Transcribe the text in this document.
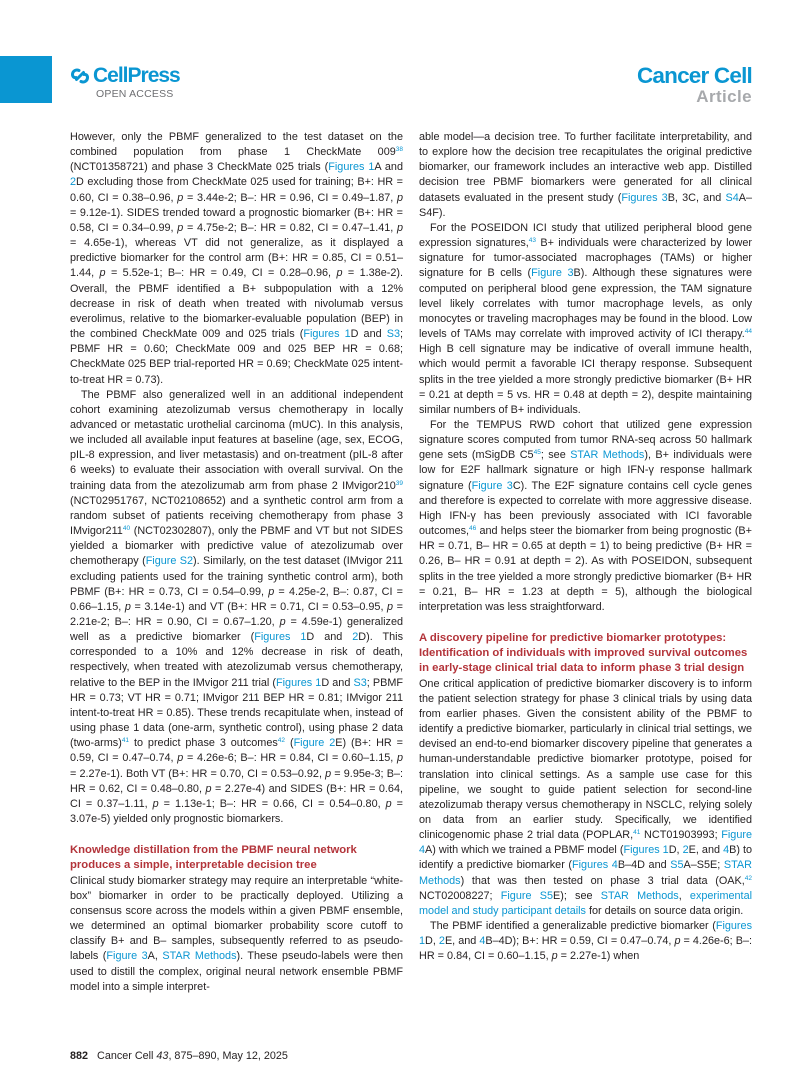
CellPress
OPEN ACCESS
Cancer Cell
Article

However, only the PBMF generalized to the test dataset on the combined population from phase 1 CheckMate $009^{38}$ (NCT01358721) and phase 3 CheckMate 025 trials (Figures 1A and 2D excluding those from CheckMate 025 used for training; B+: HR = 0.60, CI = 0.38–0.96, p = 3.44e-2; B–: HR = 0.96, CI = 0.49–1.87, p = 9.12e-1). SIDES trended toward a prognostic biomarker (B+: HR = 0.58, CI = 0.34–0.99, p = 4.75e-2; B–: HR = 0.82, CI = 0.47–1.41, p = 4.65e-1), whereas VT did not generalize, as it displayed a predictive biomarker for the control arm (B+: HR = 0.85, CI = 0.51–1.44, p = 5.52e-1; B–: HR = 0.49, CI = 0.28–0.96, p = 1.38e-2). Overall, the PBMF identified a B+ subpopulation with a 12% decrease in risk of death when treated with nivolumab versus everolimus, relative to the biomarker-evaluable population (BEP) in the combined CheckMate 009 and 025 trials (Figures 1D and S3; PBMF HR = 0.60; CheckMate 009 and 025 BEP HR = 0.68; CheckMate 025 BEP trial-reported HR = 0.69; CheckMate 025 intent-to-treat HR = 0.73).

The PBMF also generalized well in an additional independent cohort examining atezolizumab versus chemotherapy in locally advanced or metastatic urothelial carcinoma (mUC). In this analysis, we included all available input features at baseline (age, sex, ECOG, pIL-8 expression, and liver metastasis) and on-treatment (pIL-8 after 6 weeks) to evaluate their association with overall survival. On the training data from the atezolizumab arm from phase 2 $IMvigor210^{39}$ (NCT02951767, NCT02108652) and a synthetic control arm from a random subset of patients receiving chemotherapy from phase 3 $IMvigor211^{40}$ (NCT02302807), only the PBMF and VT but not SIDES yielded a biomarker with predictive value of atezolizumab over chemotherapy (Figure S2). Similarly, on the test dataset (IMvigor 211 excluding patients used for the training synthetic control arm), both PBMF (B+: HR = 0.73, CI = 0.54–0.99, p = 4.25e-2, B–: 0.87, CI = 0.66–1.15, p = 3.14e-1) and VT (B+: HR = 0.71, CI = 0.53–0.95, p = 2.21e-2; B–: HR = 0.90, CI = 0.67–1.20, p = 4.59e-1) generalized well as a predictive biomarker (Figures 1D and 2D). This corresponded to a 10% and 12% decrease in risk of death, respectively, when treated with atezolizumab versus chemotherapy, relative to the BEP in the IMvigor 211 trial (Figures 1D and S3; PBMF HR = 0.73; VT HR = 0.71; IMvigor 211 BEP HR = 0.81; IMvigor 211 intent-to-treat HR = 0.85). These trends recapitulate when, instead of using phase 1 data (one-arm, synthetic control), using phase 2 data (two-arms)$^{41}$ to predict phase 3 outcomes$^{42}$ (Figure 2E) (B+: HR = 0.59, CI = 0.47–0.74, p = 4.26e-6; B–: HR = 0.84, CI = 0.60–1.15, p = 2.27e-1). Both VT (B+: HR = 0.70, CI = 0.53–0.92, p = 9.95e-3; B–: HR = 0.62, CI = 0.48–0.80, p = 2.27e-4) and SIDES (B+: HR = 0.64, CI = 0.37–1.11, p = 1.13e-1; B–: HR = 0.66, CI = 0.54–0.80, p = 3.07e-5) yielded only prognostic biomarkers.

Knowledge distillation from the PBMF neural network produces a simple, interpretable decision tree

Clinical study biomarker strategy may require an interpretable “white-box” biomarker in order to be practically deployed. Utilizing a consensus score across the models within a given PBMF ensemble, we determined an optimal biomarker probability score cutoff to classify B+ and B– samples, subsequently referred to as pseudo-labels (Figure 3A, STAR Methods). These pseudo-labels were then used to distill the complex, original neural network ensemble PBMF model into a simple interpret-

able model—a decision tree. To further facilitate interpretability, and to explore how the decision tree recapitulates the original predictive biomarker, our framework includes an interactive web app. Distilled decision tree PBMF biomarkers were generated for all clinical datasets evaluated in the present study (Figures 3B, 3C, and S4A–S4F).

For the POSEIDON ICI study that utilized peripheral blood gene expression signatures,$^{43}$ B+ individuals were characterized by lower signature for tumor-associated macrophages (TAMs) or higher signature for B cells (Figure 3B). Although these signatures were computed on peripheral blood gene expression, the TAM signature level likely correlates with tumor macrophage levels, as only monocytes or traveling macrophages may be found in the blood. Low levels of TAMs may correlate with improved activity of ICI therapy.$^{44}$ High B cell signature may be indicative of overall immune health, which would permit a favorable ICI therapy response. Subsequent splits in the tree yielded a more strongly predictive biomarker (B+ HR = 0.21 at depth = 5 vs. HR = 0.48 at depth = 2), despite maintaining similar numbers of B+ individuals.

For the TEMPUS RWD cohort that utilized gene expression signature scores computed from tumor RNA-seq across 50 hallmark gene sets (mSigDB $C5^{45}$; see STAR Methods), B+ individuals were low for E2F hallmark signature or high IFN-γ response hallmark signature (Figure 3C). The E2F signature contains cell cycle genes and therefore is expected to correlate with more aggressive disease. High IFN-γ has been previously associated with ICI favorable outcomes,$^{46}$ and helps steer the biomarker from being prognostic (B+ HR = 0.71, B– HR = 0.65 at depth = 1) to being predictive (B+ HR = 0.26, B– HR = 0.91 at depth = 2). As with POSEIDON, subsequent splits in the tree yielded a more strongly predictive biomarker (B+ HR = 0.21, B– HR = 1.23 at depth = 5), although the biological interpretation was less straightforward.

A discovery pipeline for predictive biomarker prototypes: Identification of individuals with improved survival outcomes in early-stage clinical trial data to inform phase 3 trial design

One critical application of predictive biomarker discovery is to inform the patient selection strategy for phase 3 clinical trials by using data from earlier phases. Given the consistent ability of the PBMF to identify a predictive biomarker, particularly in clinical trial settings, we devised an end-to-end biomarker discovery pipeline that generates a human-understandable predictive biomarker prototype, poised for translation into clinical settings. As a sample use case for this pipeline, we sought to guide patient selection for second-line atezolizumab therapy versus chemotherapy in NSCLC, relying solely on data from an earlier study. Specifically, we identified clinicogenomic phase 2 trial data (POPLAR,$^{41}$ NCT01903993; Figure 4A) with which we trained a PBMF model (Figures 1D, 2E, and 4B) to identify a predictive biomarker (Figures 4B–4D and S5A–S5E; STAR Methods) that was then tested on phase 3 trial data (OAK,$^{42}$ NCT02008227; Figure S5E); see STAR Methods, experimental model and study participant details for details on source data origin.

The PBMF identified a generalizable predictive biomarker (Figures 1D, 2E, and 4B–4D); B+: HR = 0.59, CI = 0.47–0.74, p = 4.26e-6; B–: HR = 0.84, CI = 0.60–1.15, p = 2.27e-1) when

882 Cancer Cell 43, 875–890, May 12, 2025
